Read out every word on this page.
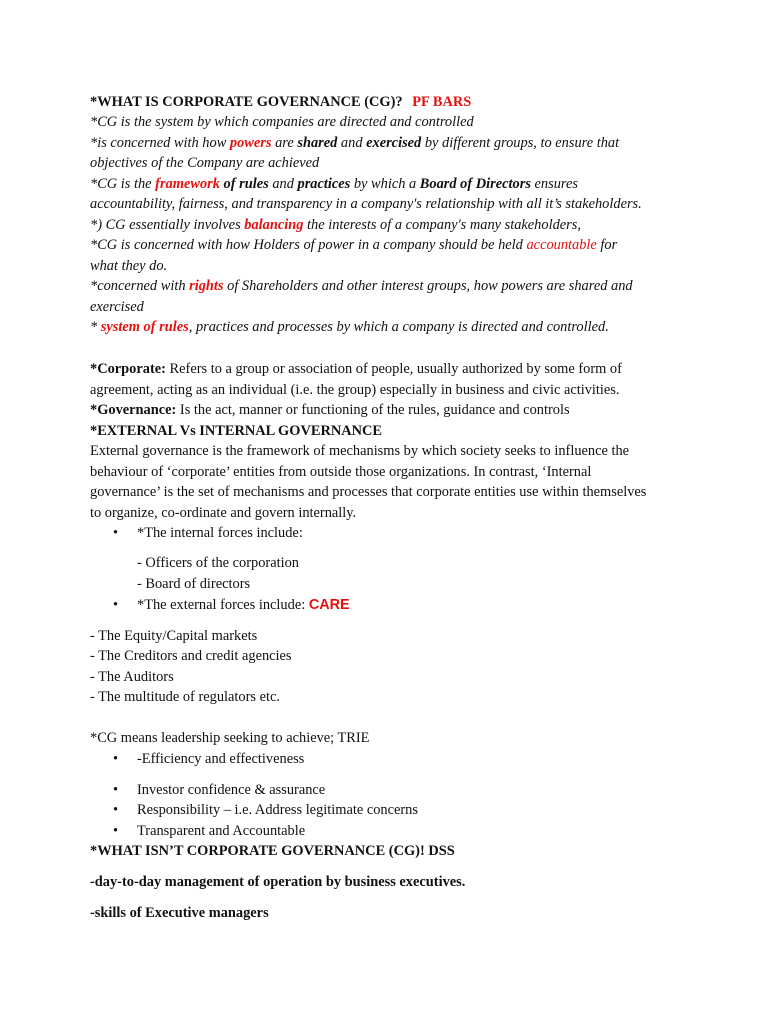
*WHAT IS CORPORATE GOVERNANCE (CG)? PF BARS
*CG is the system by which companies are directed and controlled
*is concerned with how powers are shared and exercised by different groups, to ensure that
objectives of the Company are achieved
*CG is the framework of rules and practices by which a Board of Directors ensures
accountability, fairness, and transparency in a company's relationship with all it’s stakeholders.
*) CG essentially involves balancing the interests of a company's many stakeholders,
*CG is concerned with how Holders of power in a company should be held accountable for
what they do.
*concerned with rights of Shareholders and other interest groups, how powers are shared and
exercised
* system of rules, practices and processes by which a company is directed and controlled.
*Corporate: Refers to a group or association of people, usually authorized by some form of
agreement, acting as an individual (i.e. the group) especially in business and civic activities.
*Governance: Is the act, manner or functioning of the rules, guidance and controls
*EXTERNAL Vs INTERNAL GOVERNANCE
External governance is the framework of mechanisms by which society seeks to influence the
behaviour of ‘corporate’ entities from outside those organizations. In contrast, ‘Internal
governance’ is the set of mechanisms and processes that corporate entities use within themselves
to organize, co-ordinate and govern internally.
• *The internal forces include:
- Officers of the corporation
- Board of directors
• *The external forces include: CARE
- The Equity/Capital markets
- The Creditors and credit agencies
- The Auditors
- The multitude of regulators etc.
*CG means leadership seeking to achieve; TRIE
• -Efficiency and effectiveness
• Investor confidence & assurance
• Responsibility – i.e. Address legitimate concerns
• Transparent and Accountable
*WHAT ISN’T CORPORATE GOVERNANCE (CG)! DSS
-day-to-day management of operation by business executives.
-skills of Executive managers
